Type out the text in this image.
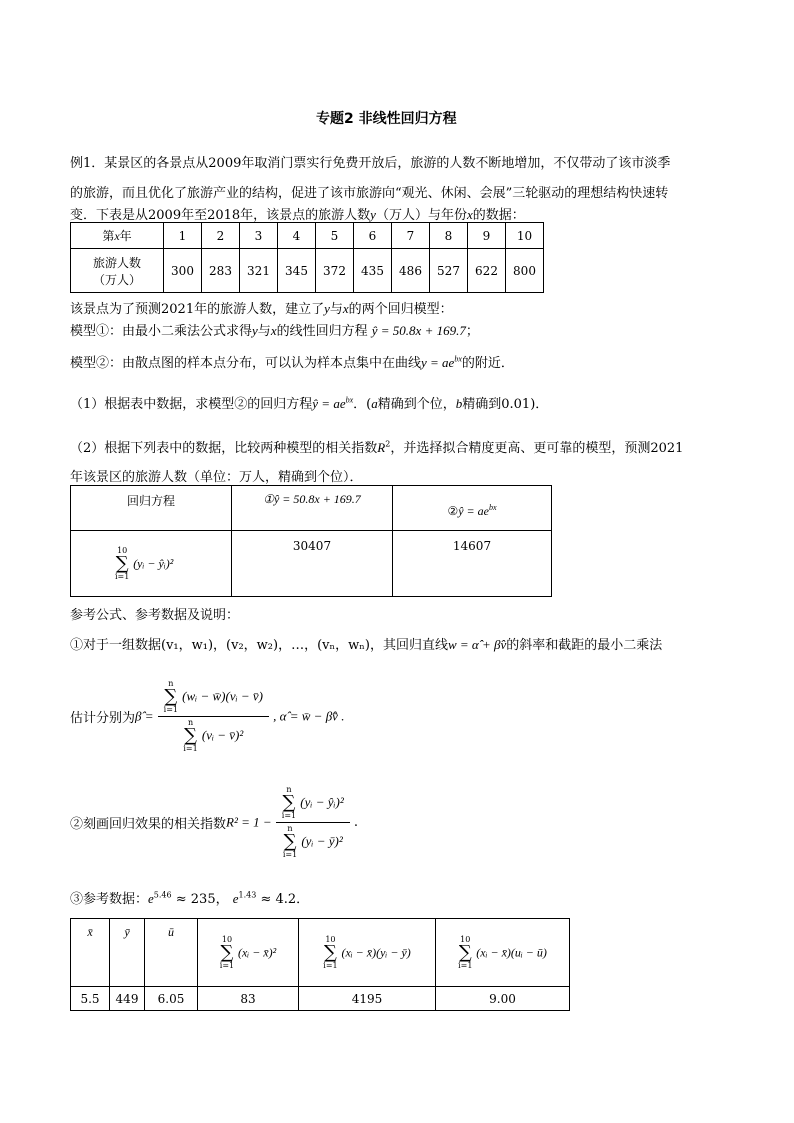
专题2 非线性回归方程
例1．某景区的各景点从2009年取消门票实行免费开放后，旅游的人数不断地增加，不仅带动了该市淡季
的旅游，而且优化了旅游产业的结构，促进了该市旅游向“观光、休闲、会展”三轮驱动的理想结构快速转
变．下表是从2009年至2018年，该景点的旅游人数y（万人）与年份x的数据：
第x年	1	2	3	4	5	6	7	8	9	10

旅游人数
（万人）	300	283	321	345	372	435	486	527	622	800
该景点为了预测2021年的旅游人数，建立了y与x的两个回归模型：
模型①：由最小二乘法公式求得y与x的线性回归方程 ŷ = 50.8x + 169.7；
模型②：由散点图的样本点分布，可以认为样本点集中在曲线$y = ae^{bx}$的附近．
（1）根据表中数据，求模型②的回归方程ŷ = $ae^{bx}$．(a精确到个位，b精确到0.01)．
（2）根据下列表中的数据，比较两种模型的相关指数$R^2$，并选择拟合精度更高、更可靠的模型，预测2021
年该景区的旅游人数（单位：万人，精确到个位）．
回归方程	①ŷ = 50.8x + 169.7	②ŷ = $ae^{bx}$

10
∑
i=1
(yᵢ − ŷᵢ)²	30407	14607
参考公式、参考数据及说明：
①对于一组数据(v₁，w₁)，(v₂，w₂)，…，(vₙ，wₙ)，其回归直线w = α̂ + β̂v的斜率和截距的最小二乘法
估计分别为β̂ = n
∑
i=1
(wᵢ − w̄)(vᵢ − v̄)
n
∑
i=1
(vᵢ − v̄)² , α̂ = w̄ − β̂v̄ .
②刻画回归效果的相关指数R² = 1 − n
∑
i=1
(yᵢ − ŷᵢ)²
n
∑
i=1
(yᵢ − ȳ)² .
③参考数据：$e^{5.46} \approx 235$， $e^{1.43} \approx 4.2$．
x̄	ȳ	ū	10
∑
i=1
(xᵢ − x̄)²	10
∑
i=1
(xᵢ − x̄)(yᵢ − ȳ)	10
∑
i=1
(xᵢ − x̄)(uᵢ − ū)
5.5	449	6.05	83	4195	9.00
